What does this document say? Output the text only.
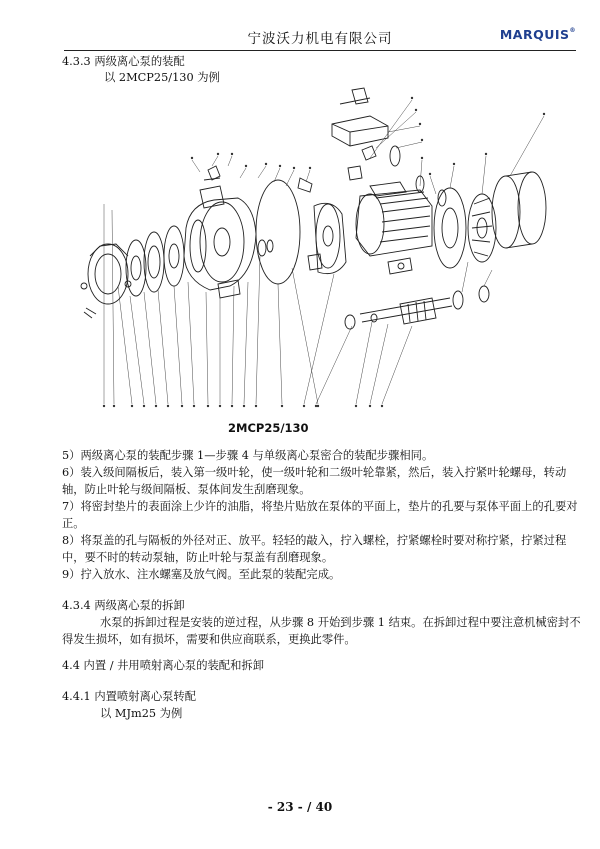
宁波沃力机电有限公司	MARQUIS®
4.3.3 两级离心泵的装配
以 2MCP25/130 为例
2MCP25/130
5）两级离心泵的装配步骤 1—步骤 4 与单级离心泵密合的装配步骤相同。
6）装入级间隔板后，装入第一级叶轮，使一级叶轮和二级叶轮靠紧，然后，装入拧紧叶轮螺母，转动轴，防止叶轮与级间隔板、泵体间发生刮磨现象。
7）将密封垫片的表面涂上少许的油脂，将垫片贴放在泵体的平面上，垫片的孔要与泵体平面上的孔要对正。
8）将泵盖的孔与隔板的外径对正、放平。轻轻的敲入，拧入螺栓，拧紧螺栓时要对称拧紧，拧紧过程中，要不时的转动泵轴，防止叶轮与泵盖有刮磨现象。
9）拧入放水、注水螺塞及放气阀。至此泵的装配完成。
4.3.4 两级离心泵的拆卸
水泵的拆卸过程是安装的逆过程，从步骤 8 开始到步骤 1 结束。在拆卸过程中要注意机械密封不得发生损坏，如有损坏，需要和供应商联系，更换此零件。
4.4 内置 / 井用喷射离心泵的装配和拆卸
4.4.1 内置喷射离心泵转配
以 MJm25 为例
- 23 - / 40
